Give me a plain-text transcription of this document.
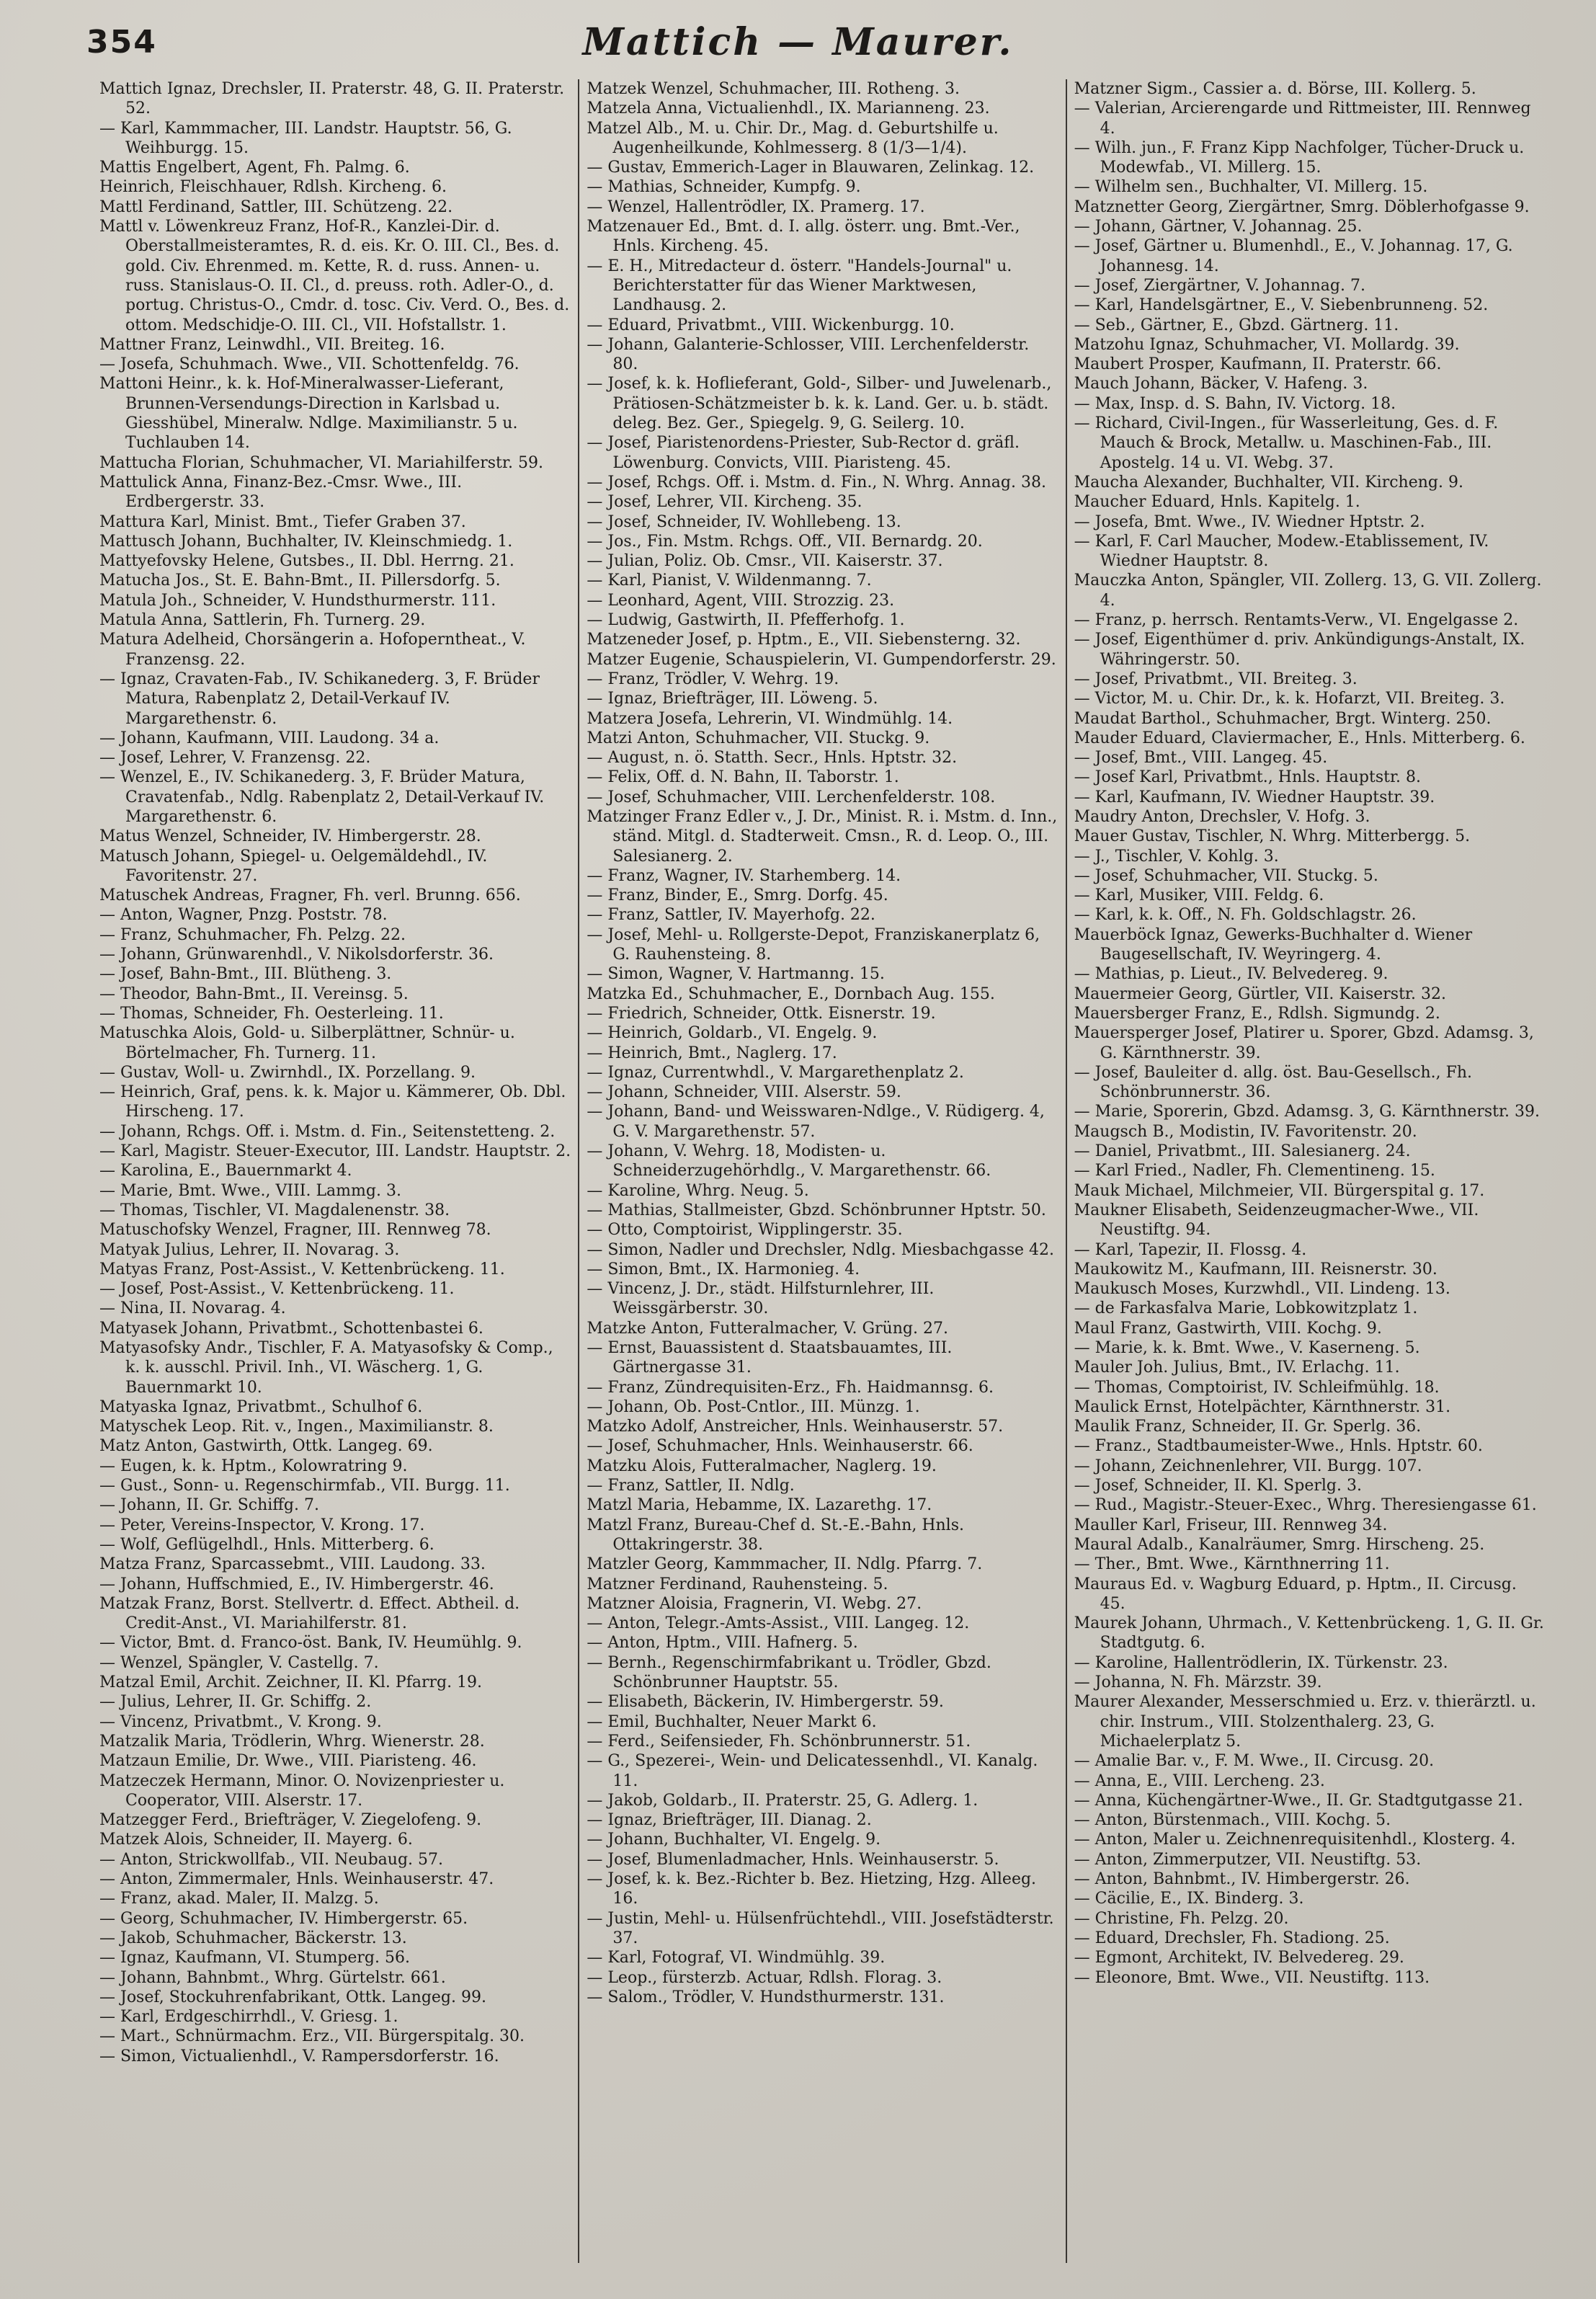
354	Mattich — Maurer.

Mattich Ignaz, Drechsler, II. Praterstr. 48, G. II. Praterstr. 52.

— Karl, Kammmacher, III. Landstr. Hauptstr. 56, G. Weihburgg. 15.

Mattis Engelbert, Agent, Fh. Palmg. 6.

Heinrich, Fleischhauer, Rdlsh. Kircheng. 6.

Mattl Ferdinand, Sattler, III. Schützeng. 22.

Mattl v. Löwenkreuz Franz, Hof-R., Kanzlei-Dir. d. Oberstallmeisteramtes, R. d. eis. Kr. O. III. Cl., Bes. d. gold. Civ. Ehrenmed. m. Kette, R. d. russ. Annen- u. russ. Stanislaus-O. II. Cl., d. preuss. roth. Adler-O., d. portug. Christus-O., Cmdr. d. tosc. Civ. Verd. O., Bes. d. ottom. Medschidje-O. III. Cl., VII. Hofstallstr. 1.

Mattner Franz, Leinwdhl., VII. Breiteg. 16.

— Josefa, Schuhmach. Wwe., VII. Schottenfeldg. 76.

Mattoni Heinr., k. k. Hof-Mineralwasser-Lieferant, Brunnen-Versendungs-Direction in Karlsbad u. Giesshübel, Mineralw. Ndlge. Maximilianstr. 5 u. Tuchlauben 14.

Mattucha Florian, Schuhmacher, VI. Mariahilferstr. 59.

Mattulick Anna, Finanz-Bez.-Cmsr. Wwe., III. Erdbergerstr. 33.

Mattura Karl, Minist. Bmt., Tiefer Graben 37.

Mattusch Johann, Buchhalter, IV. Kleinschmiedg. 1.

Mattyefovsky Helene, Gutsbes., II. Dbl. Herrng. 21.

Matucha Jos., St. E. Bahn-Bmt., II. Pillersdorfg. 5.

Matula Joh., Schneider, V. Hundsthurmerstr. 111.

Matula Anna, Sattlerin, Fh. Turnerg. 29.

Matura Adelheid, Chorsängerin a. Hofoperntheat., V. Franzensg. 22.

— Ignaz, Cravaten-Fab., IV. Schikanederg. 3, F. Brüder Matura, Rabenplatz 2, Detail-Verkauf IV. Margarethenstr. 6.

— Johann, Kaufmann, VIII. Laudong. 34 a.

— Josef, Lehrer, V. Franzensg. 22.

— Wenzel, E., IV. Schikanederg. 3, F. Brüder Matura, Cravatenfab., Ndlg. Rabenplatz 2, Detail-Verkauf IV. Margarethenstr. 6.

Matus Wenzel, Schneider, IV. Himbergerstr. 28.

Matusch Johann, Spiegel- u. Oelgemäldehdl., IV. Favoritenstr. 27.

Matuschek Andreas, Fragner, Fh. verl. Brunng. 656.

— Anton, Wagner, Pnzg. Poststr. 78.

— Franz, Schuhmacher, Fh. Pelzg. 22.

— Johann, Grünwarenhdl., V. Nikolsdorferstr. 36.

— Josef, Bahn-Bmt., III. Blütheng. 3.

— Theodor, Bahn-Bmt., II. Vereinsg. 5.

— Thomas, Schneider, Fh. Oesterleing. 11.

Matuschka Alois, Gold- u. Silberplättner, Schnür- u. Börtelmacher, Fh. Turnerg. 11.

— Gustav, Woll- u. Zwirnhdl., IX. Porzellang. 9.

— Heinrich, Graf, pens. k. k. Major u. Kämmerer, Ob. Dbl. Hirscheng. 17.

— Johann, Rchgs. Off. i. Mstm. d. Fin., Seitenstetteng. 2.

— Karl, Magistr. Steuer-Executor, III. Landstr. Hauptstr. 2.

— Karolina, E., Bauernmarkt 4.

— Marie, Bmt. Wwe., VIII. Lammg. 3.

— Thomas, Tischler, VI. Magdalenenstr. 38.

Matuschofsky Wenzel, Fragner, III. Rennweg 78.

Matyak Julius, Lehrer, II. Novarag. 3.

Matyas Franz, Post-Assist., V. Kettenbrückeng. 11.

— Josef, Post-Assist., V. Kettenbrückeng. 11.

— Nina, II. Novarag. 4.

Matyasek Johann, Privatbmt., Schottenbastei 6.

Matyasofsky Andr., Tischler, F. A. Matyasofsky & Comp., k. k. ausschl. Privil. Inh., VI. Wäscherg. 1, G. Bauernmarkt 10.

Matyaska Ignaz, Privatbmt., Schulhof 6.

Matyschek Leop. Rit. v., Ingen., Maximilianstr. 8.

Matz Anton, Gastwirth, Ottk. Langeg. 69.

— Eugen, k. k. Hptm., Kolowratring 9.

— Gust., Sonn- u. Regenschirmfab., VII. Burgg. 11.

— Johann, II. Gr. Schiffg. 7.

— Peter, Vereins-Inspector, V. Krong. 17.

— Wolf, Geflügelhdl., Hnls. Mitterberg. 6.

Matza Franz, Sparcassebmt., VIII. Laudong. 33.

— Johann, Huffschmied, E., IV. Himbergerstr. 46.

Matzak Franz, Borst. Stellvertr. d. Effect. Abtheil. d. Credit-Anst., VI. Mariahilferstr. 81.

— Victor, Bmt. d. Franco-öst. Bank, IV. Heumühlg. 9.

— Wenzel, Spängler, V. Castellg. 7.

Matzal Emil, Archit. Zeichner, II. Kl. Pfarrg. 19.

— Julius, Lehrer, II. Gr. Schiffg. 2.

— Vincenz, Privatbmt., V. Krong. 9.

Matzalik Maria, Trödlerin, Whrg. Wienerstr. 28.

Matzaun Emilie, Dr. Wwe., VIII. Piaristeng. 46.

Matzeczek Hermann, Minor. O. Novizenpriester u. Cooperator, VIII. Alserstr. 17.

Matzegger Ferd., Briefträger, V. Ziegelofeng. 9.

Matzek Alois, Schneider, II. Mayerg. 6.

— Anton, Strickwollfab., VII. Neubaug. 57.

— Anton, Zimmermaler, Hnls. Weinhauserstr. 47.

— Franz, akad. Maler, II. Malzg. 5.

— Georg, Schuhmacher, IV. Himbergerstr. 65.

— Jakob, Schuhmacher, Bäckerstr. 13.

— Ignaz, Kaufmann, VI. Stumperg. 56.

— Johann, Bahnbmt., Whrg. Gürtelstr. 661.

— Josef, Stockuhrenfabrikant, Ottk. Langeg. 99.

— Karl, Erdgeschirrhdl., V. Griesg. 1.

— Mart., Schnürmachm. Erz., VII. Bürgerspitalg. 30.

— Simon, Victualienhdl., V. Rampersdorferstr. 16.

Matzek Wenzel, Schuhmacher, III. Rotheng. 3.

Matzela Anna, Victualienhdl., IX. Marianneng. 23.

Matzel Alb., M. u. Chir. Dr., Mag. d. Geburtshilfe u. Augenheilkunde, Kohlmesserg. 8 (1/3—1/4).

— Gustav, Emmerich-Lager in Blauwaren, Zelinkag. 12.

— Mathias, Schneider, Kumpfg. 9.

— Wenzel, Hallentrödler, IX. Pramerg. 17.

Matzenauer Ed., Bmt. d. I. allg. österr. ung. Bmt.-Ver., Hnls. Kircheng. 45.

— E. H., Mitredacteur d. österr. "Handels-Journal" u. Berichterstatter für das Wiener Marktwesen, Landhausg. 2.

— Eduard, Privatbmt., VIII. Wickenburgg. 10.

— Johann, Galanterie-Schlosser, VIII. Lerchenfelderstr. 80.

— Josef, k. k. Hoflieferant, Gold-, Silber- und Juwelenarb., Prätiosen-Schätzmeister b. k. k. Land. Ger. u. b. städt. deleg. Bez. Ger., Spiegelg. 9, G. Seilerg. 10.

— Josef, Piaristenordens-Priester, Sub-Rector d. gräfl. Löwenburg. Convicts, VIII. Piaristeng. 45.

— Josef, Rchgs. Off. i. Mstm. d. Fin., N. Whrg. Annag. 38.

— Josef, Lehrer, VII. Kircheng. 35.

— Josef, Schneider, IV. Wohllebeng. 13.

— Jos., Fin. Mstm. Rchgs. Off., VII. Bernardg. 20.

— Julian, Poliz. Ob. Cmsr., VII. Kaiserstr. 37.

— Karl, Pianist, V. Wildenmanng. 7.

— Leonhard, Agent, VIII. Strozzig. 23.

— Ludwig, Gastwirth, II. Pfefferhofg. 1.

Matzeneder Josef, p. Hptm., E., VII. Siebensterng. 32.

Matzer Eugenie, Schauspielerin, VI. Gumpendorferstr. 29.

— Franz, Trödler, V. Wehrg. 19.

— Ignaz, Briefträger, III. Löweng. 5.

Matzera Josefa, Lehrerin, VI. Windmühlg. 14.

Matzi Anton, Schuhmacher, VII. Stuckg. 9.

— August, n. ö. Statth. Secr., Hnls. Hptstr. 32.

— Felix, Off. d. N. Bahn, II. Taborstr. 1.

— Josef, Schuhmacher, VIII. Lerchenfelderstr. 108.

Matzinger Franz Edler v., J. Dr., Minist. R. i. Mstm. d. Inn., ständ. Mitgl. d. Stadterweit. Cmsn., R. d. Leop. O., III. Salesianerg. 2.

— Franz, Wagner, IV. Starhemberg. 14.

— Franz, Binder, E., Smrg. Dorfg. 45.

— Franz, Sattler, IV. Mayerhofg. 22.

— Josef, Mehl- u. Rollgerste-Depot, Franziskanerplatz 6, G. Rauhensteing. 8.

— Simon, Wagner, V. Hartmanng. 15.

Matzka Ed., Schuhmacher, E., Dornbach Aug. 155.

— Friedrich, Schneider, Ottk. Eisnerstr. 19.

— Heinrich, Goldarb., VI. Engelg. 9.

— Heinrich, Bmt., Naglerg. 17.

— Ignaz, Currentwhdl., V. Margarethenplatz 2.

— Johann, Schneider, VIII. Alserstr. 59.

— Johann, Band- und Weisswaren-Ndlge., V. Rüdigerg. 4, G. V. Margarethenstr. 57.

— Johann, V. Wehrg. 18, Modisten- u. Schneiderzugehörhdlg., V. Margarethenstr. 66.

— Karoline, Whrg. Neug. 5.

— Mathias, Stallmeister, Gbzd. Schönbrunner Hptstr. 50.

— Otto, Comptoirist, Wipplingerstr. 35.

— Simon, Nadler und Drechsler, Ndlg. Miesbachgasse 42.

— Simon, Bmt., IX. Harmonieg. 4.

— Vincenz, J. Dr., städt. Hilfsturnlehrer, III. Weissgärberstr. 30.

Matzke Anton, Futteralmacher, V. Grüng. 27.

— Ernst, Bauassistent d. Staatsbauamtes, III. Gärtnergasse 31.

— Franz, Zündrequisiten-Erz., Fh. Haidmannsg. 6.

— Johann, Ob. Post-Cntlor., III. Münzg. 1.

Matzko Adolf, Anstreicher, Hnls. Weinhauserstr. 57.

— Josef, Schuhmacher, Hnls. Weinhauserstr. 66.

Matzku Alois, Futteralmacher, Naglerg. 19.

— Franz, Sattler, II. Ndlg.

Matzl Maria, Hebamme, IX. Lazarethg. 17.

Matzl Franz, Bureau-Chef d. St.-E.-Bahn, Hnls. Ottakringerstr. 38.

Matzler Georg, Kammmacher, II. Ndlg. Pfarrg. 7.

Matzner Ferdinand, Rauhensteing. 5.

Matzner Aloisia, Fragnerin, VI. Webg. 27.

— Anton, Telegr.-Amts-Assist., VIII. Langeg. 12.

— Anton, Hptm., VIII. Hafnerg. 5.

— Bernh., Regenschirmfabrikant u. Trödler, Gbzd. Schönbrunner Hauptstr. 55.

— Elisabeth, Bäckerin, IV. Himbergerstr. 59.

— Emil, Buchhalter, Neuer Markt 6.

— Ferd., Seifensieder, Fh. Schönbrunnerstr. 51.

— G., Spezerei-, Wein- und Delicatessenhdl., VI. Kanalg. 11.

— Jakob, Goldarb., II. Praterstr. 25, G. Adlerg. 1.

— Ignaz, Briefträger, III. Dianag. 2.

— Johann, Buchhalter, VI. Engelg. 9.

— Josef, Blumenladmacher, Hnls. Weinhauserstr. 5.

— Josef, k. k. Bez.-Richter b. Bez. Hietzing, Hzg. Alleeg. 16.

— Justin, Mehl- u. Hülsenfrüchtehdl., VIII. Josefstädterstr. 37.

— Karl, Fotograf, VI. Windmühlg. 39.

— Leop., fürsterzb. Actuar, Rdlsh. Florag. 3.

— Salom., Trödler, V. Hundsthurmerstr. 131.

Matzner Sigm., Cassier a. d. Börse, III. Kollerg. 5.

— Valerian, Arcierengarde und Rittmeister, III. Rennweg 4.

— Wilh. jun., F. Franz Kipp Nachfolger, Tücher-Druck u. Modewfab., VI. Millerg. 15.

— Wilhelm sen., Buchhalter, VI. Millerg. 15.

Matznetter Georg, Ziergärtner, Smrg. Döblerhofgasse 9.

— Johann, Gärtner, V. Johannag. 25.

— Josef, Gärtner u. Blumenhdl., E., V. Johannag. 17, G. Johannesg. 14.

— Josef, Ziergärtner, V. Johannag. 7.

— Karl, Handelsgärtner, E., V. Siebenbrunneng. 52.

— Seb., Gärtner, E., Gbzd. Gärtnerg. 11.

Matzohu Ignaz, Schuhmacher, VI. Mollardg. 39.

Maubert Prosper, Kaufmann, II. Praterstr. 66.

Mauch Johann, Bäcker, V. Hafeng. 3.

— Max, Insp. d. S. Bahn, IV. Victorg. 18.

— Richard, Civil-Ingen., für Wasserleitung, Ges. d. F. Mauch & Brock, Metallw. u. Maschinen-Fab., III. Apostelg. 14 u. VI. Webg. 37.

Maucha Alexander, Buchhalter, VII. Kircheng. 9.

Maucher Eduard, Hnls. Kapitelg. 1.

— Josefa, Bmt. Wwe., IV. Wiedner Hptstr. 2.

— Karl, F. Carl Maucher, Modew.-Etablissement, IV. Wiedner Hauptstr. 8.

Mauczka Anton, Spängler, VII. Zollerg. 13, G. VII. Zollerg. 4.

— Franz, p. herrsch. Rentamts-Verw., VI. Engelgasse 2.

— Josef, Eigenthümer d. priv. Ankündigungs-Anstalt, IX. Währingerstr. 50.

— Josef, Privatbmt., VII. Breiteg. 3.

— Victor, M. u. Chir. Dr., k. k. Hofarzt, VII. Breiteg. 3.

Maudat Barthol., Schuhmacher, Brgt. Winterg. 250.

Mauder Eduard, Claviermacher, E., Hnls. Mitterberg. 6.

— Josef, Bmt., VIII. Langeg. 45.

— Josef Karl, Privatbmt., Hnls. Hauptstr. 8.

— Karl, Kaufmann, IV. Wiedner Hauptstr. 39.

Maudry Anton, Drechsler, V. Hofg. 3.

Mauer Gustav, Tischler, N. Whrg. Mitterbergg. 5.

— J., Tischler, V. Kohlg. 3.

— Josef, Schuhmacher, VII. Stuckg. 5.

— Karl, Musiker, VIII. Feldg. 6.

— Karl, k. k. Off., N. Fh. Goldschlagstr. 26.

Mauerböck Ignaz, Gewerks-Buchhalter d. Wiener Baugesellschaft, IV. Weyringerg. 4.

— Mathias, p. Lieut., IV. Belvedereg. 9.

Mauermeier Georg, Gürtler, VII. Kaiserstr. 32.

Mauersberger Franz, E., Rdlsh. Sigmundg. 2.

Mauersperger Josef, Platirer u. Sporer, Gbzd. Adamsg. 3, G. Kärnthnerstr. 39.

— Josef, Bauleiter d. allg. öst. Bau-Gesellsch., Fh. Schönbrunnerstr. 36.

— Marie, Sporerin, Gbzd. Adamsg. 3, G. Kärnthnerstr. 39.

Maugsch B., Modistin, IV. Favoritenstr. 20.

— Daniel, Privatbmt., III. Salesianerg. 24.

— Karl Fried., Nadler, Fh. Clementineng. 15.

Mauk Michael, Milchmeier, VII. Bürgerspital g. 17.

Maukner Elisabeth, Seidenzeugmacher-Wwe., VII. Neustiftg. 94.

— Karl, Tapezir, II. Flossg. 4.

Maukowitz M., Kaufmann, III. Reisnerstr. 30.

Maukusch Moses, Kurzwhdl., VII. Lindeng. 13.

— de Farkasfalva Marie, Lobkowitzplatz 1.

Maul Franz, Gastwirth, VIII. Kochg. 9.

— Marie, k. k. Bmt. Wwe., V. Kaserneng. 5.

Mauler Joh. Julius, Bmt., IV. Erlachg. 11.

— Thomas, Comptoirist, IV. Schleifmühlg. 18.

Maulick Ernst, Hotelpächter, Kärnthnerstr. 31.

Maulik Franz, Schneider, II. Gr. Sperlg. 36.

— Franz., Stadtbaumeister-Wwe., Hnls. Hptstr. 60.

— Johann, Zeichnenlehrer, VII. Burgg. 107.

— Josef, Schneider, II. Kl. Sperlg. 3.

— Rud., Magistr.-Steuer-Exec., Whrg. Theresiengasse 61.

Mauller Karl, Friseur, III. Rennweg 34.

Maural Adalb., Kanalräumer, Smrg. Hirscheng. 25.

— Ther., Bmt. Wwe., Kärnthnerring 11.

Mauraus Ed. v. Wagburg Eduard, p. Hptm., II. Circusg. 45.

Maurek Johann, Uhrmach., V. Kettenbrückeng. 1, G. II. Gr. Stadtgutg. 6.

— Karoline, Hallentrödlerin, IX. Türkenstr. 23.

— Johanna, N. Fh. Märzstr. 39.

Maurer Alexander, Messerschmied u. Erz. v. thierärztl. u. chir. Instrum., VIII. Stolzenthalerg. 23, G. Michaelerplatz 5.

— Amalie Bar. v., F. M. Wwe., II. Circusg. 20.

— Anna, E., VIII. Lercheng. 23.

— Anna, Küchengärtner-Wwe., II. Gr. Stadtgutgasse 21.

— Anton, Bürstenmach., VIII. Kochg. 5.

— Anton, Maler u. Zeichnenrequisitenhdl., Klosterg. 4.

— Anton, Zimmerputzer, VII. Neustiftg. 53.

— Anton, Bahnbmt., IV. Himbergerstr. 26.

— Cäcilie, E., IX. Binderg. 3.

— Christine, Fh. Pelzg. 20.

— Eduard, Drechsler, Fh. Stadiong. 25.

— Egmont, Architekt, IV. Belvedereg. 29.

— Eleonore, Bmt. Wwe., VII. Neustiftg. 113.
